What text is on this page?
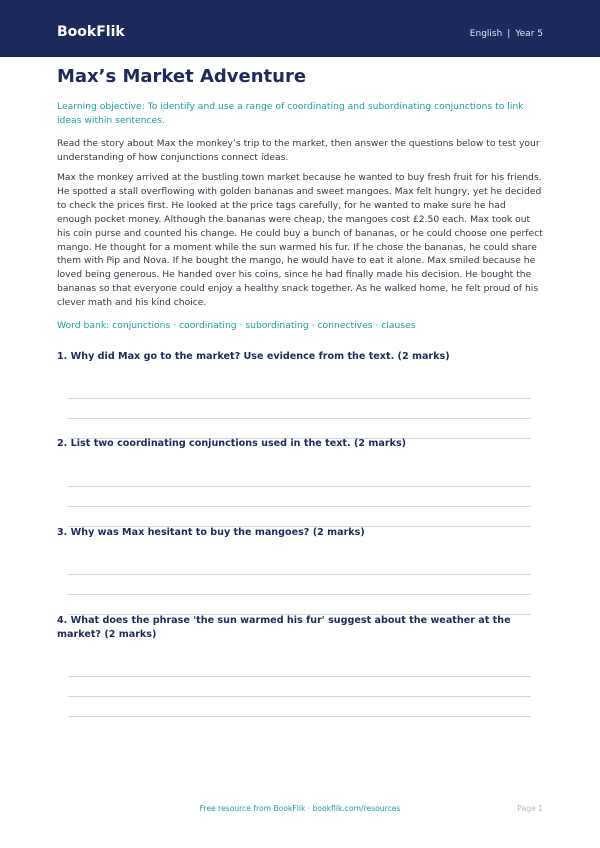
BookFlik	English | Year 5
Max’s Market Adventure

Learning objective: To identify and use a range of coordinating and subordinating conjunctions to link ideas within sentences.

Read the story about Max the monkey’s trip to the market, then answer the questions below to test your understanding of how conjunctions connect ideas.

Max the monkey arrived at the bustling town market because he wanted to buy fresh fruit for his friends. He spotted a stall overflowing with golden bananas and sweet mangoes. Max felt hungry, yet he decided to check the prices first. He looked at the price tags carefully, for he wanted to make sure he had enough pocket money. Although the bananas were cheap, the mangoes cost £2.50 each. Max took out his coin purse and counted his change. He could buy a bunch of bananas, or he could choose one perfect mango. He thought for a moment while the sun warmed his fur. If he chose the bananas, he could share them with Pip and Nova. If he bought the mango, he would have to eat it alone. Max smiled because he loved being generous. He handed over his coins, since he had finally made his decision. He bought the bananas so that everyone could enjoy a healthy snack together. As he walked home, he felt proud of his clever math and his kind choice.

Word bank: conjunctions · coordinating · subordinating · connectives · clauses

1. Why did Max go to the market? Use evidence from the text. (2 marks)

2. List two coordinating conjunctions used in the text. (2 marks)

3. Why was Max hesitant to buy the mangoes? (2 marks)

4. What does the phrase 'the sun warmed his fur' suggest about the weather at the market? (2 marks)

Free resource from BookFlik · bookflik.com/resources	Page 1
